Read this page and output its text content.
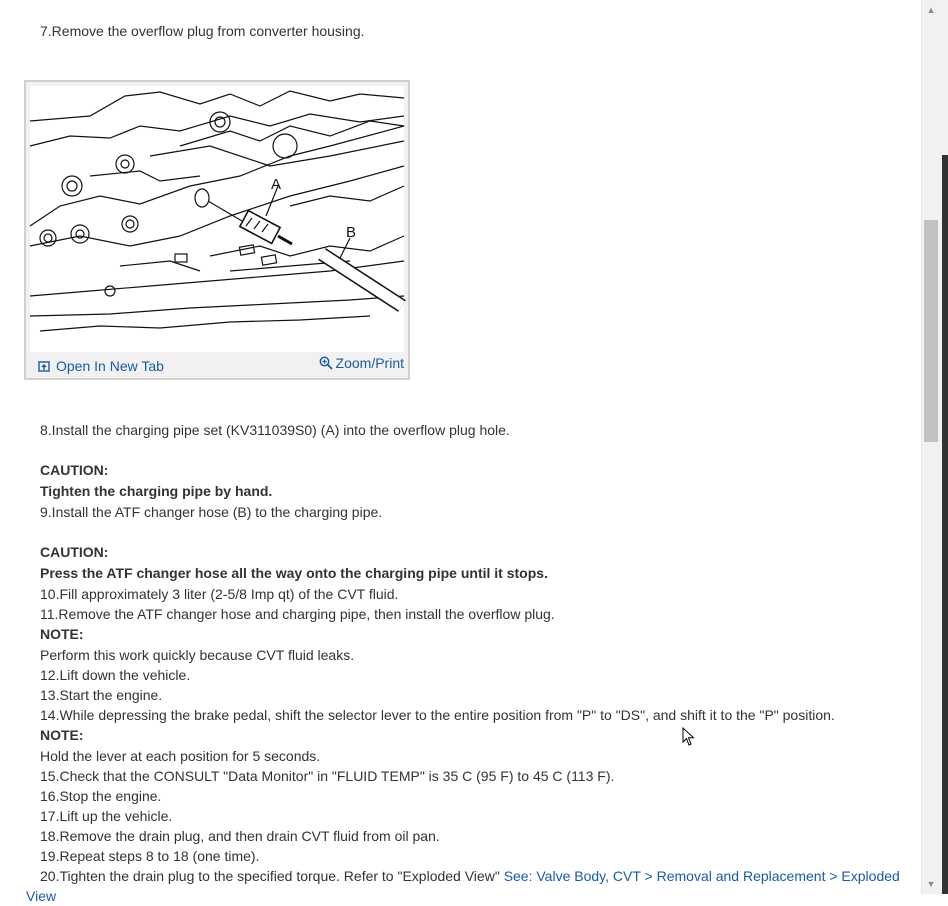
7.Remove the overflow plug from converter housing.
A
B
Open In New Tab	Zoom/Print
8.Install the charging pipe set (KV311039S0) (A) into the overflow plug hole.
CAUTION:
Tighten the charging pipe by hand.
9.Install the ATF changer hose (B) to the charging pipe.
CAUTION:
Press the ATF changer hose all the way onto the charging pipe until it stops.
10.Fill approximately 3 liter (2-5/8 Imp qt) of the CVT fluid.
11.Remove the ATF changer hose and charging pipe, then install the overflow plug.
NOTE:
Perform this work quickly because CVT fluid leaks.
12.Lift down the vehicle.
13.Start the engine.
14.While depressing the brake pedal, shift the selector lever to the entire position from "P" to "DS", and shift it to the "P" position.
NOTE:
Hold the lever at each position for 5 seconds.
15.Check that the CONSULT "Data Monitor" in "FLUID TEMP" is 35 C (95 F) to 45 C (113 F).
16.Stop the engine.
17.Lift up the vehicle.
18.Remove the drain plug, and then drain CVT fluid from oil pan.
19.Repeat steps 8 to 18 (one time).
20.Tighten the drain plug to the specified torque. Refer to "Exploded View" See: Valve Body, CVT > Removal and Replacement > Exploded
View
▲
▼
